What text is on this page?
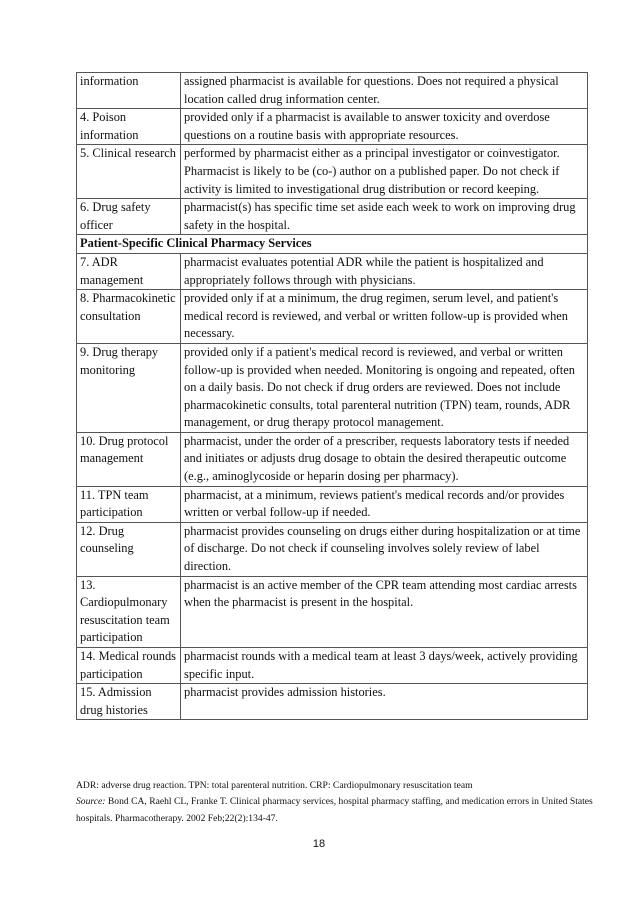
information	assigned pharmacist is available for questions. Does not required a physical location called drug information center.
4. Poison information	provided only if a pharmacist is available to answer toxicity and overdose questions on a routine basis with appropriate resources.
5. Clinical research	performed by pharmacist either as a principal investigator or coinvestigator. Pharmacist is likely to be (co-) author on a published paper. Do not check if activity is limited to investigational drug distribution or record keeping.
6. Drug safety officer	pharmacist(s) has specific time set aside each week to work on improving drug safety in the hospital.
Patient-Specific Clinical Pharmacy Services	
7. ADR management	pharmacist evaluates potential ADR while the patient is hospitalized and appropriately follows through with physicians.
8. Pharmacokinetic consultation	provided only if at a minimum, the drug regimen, serum level, and patient's medical record is reviewed, and verbal or written follow-up is provided when necessary.
9. Drug therapy monitoring	provided only if a patient's medical record is reviewed, and verbal or written follow-up is provided when needed. Monitoring is ongoing and repeated, often on a daily basis. Do not check if drug orders are reviewed. Does not include pharmacokinetic consults, total parenteral nutrition (TPN) team, rounds, ADR management, or drug therapy protocol management.
10. Drug protocol management	pharmacist, under the order of a prescriber, requests laboratory tests if needed and initiates or adjusts drug dosage to obtain the desired therapeutic outcome (e.g., aminoglycoside or heparin dosing per pharmacy).
11. TPN team participation	pharmacist, at a minimum, reviews patient's medical records and/or provides written or verbal follow-up if needed.
12. Drug counseling	pharmacist provides counseling on drugs either during hospitalization or at time of discharge. Do not check if counseling involves solely review of label direction.
13. Cardiopulmonary resuscitation team participation	pharmacist is an active member of the CPR team attending most cardiac arrests when the pharmacist is present in the hospital.
14. Medical rounds participation	pharmacist rounds with a medical team at least 3 days/week, actively providing specific input.
15. Admission drug histories	pharmacist provides admission histories.
ADR: adverse drug reaction. TPN: total parenteral nutrition. CRP: Cardiopulmonary resuscitation team
Source: Bond CA, Raehl CL, Franke T. Clinical pharmacy services, hospital pharmacy staffing, and medication errors in United States hospitals. Pharmacotherapy. 2002 Feb;22(2):134-47.
18
